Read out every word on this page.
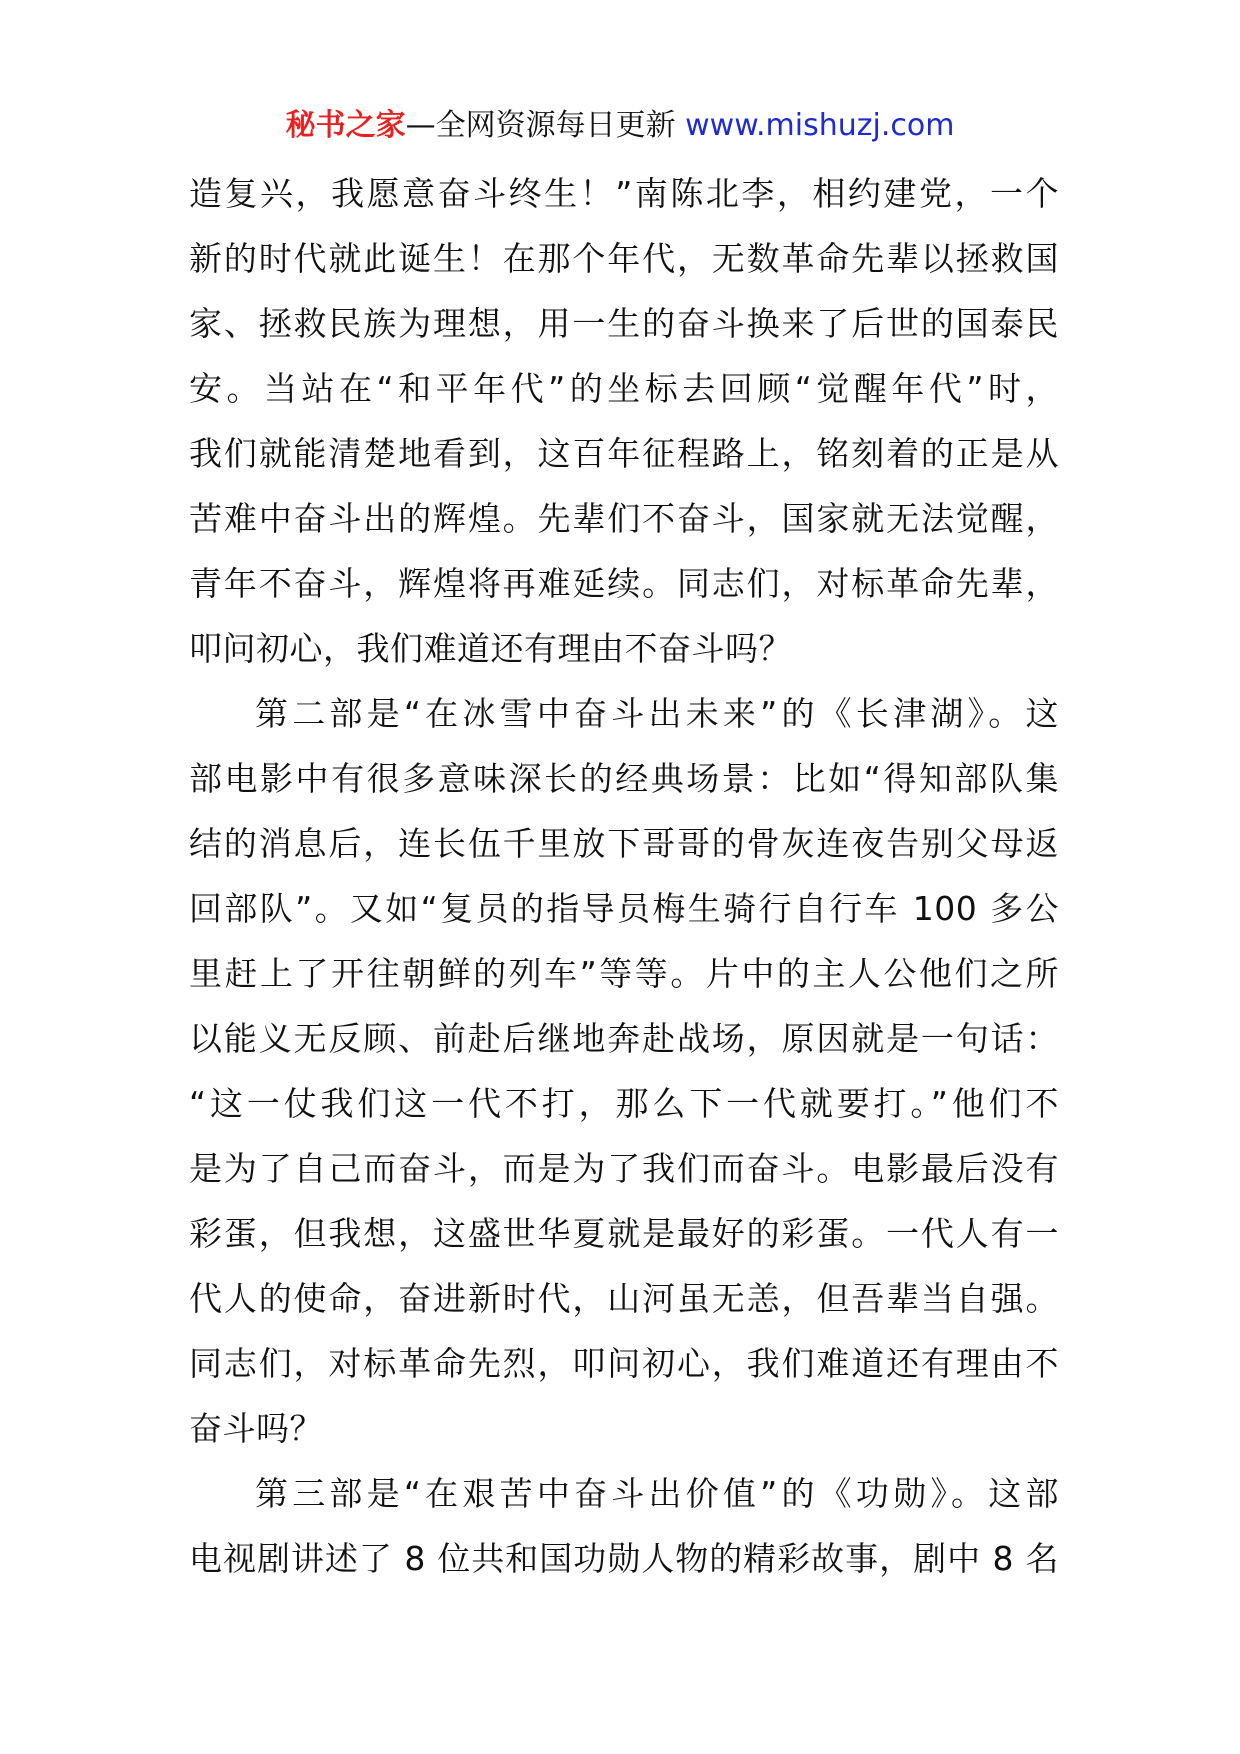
秘书之家—全网资源每日更新 www.mishuzj.com
造复兴，我愿意奋斗终生！”南陈北李，相约建党，一个
新的时代就此诞生！在那个年代，无数革命先辈以拯救国
家、拯救民族为理想，用一生的奋斗换来了后世的国泰民
安。当站在“和平年代”的坐标去回顾“觉醒年代”时，
我们就能清楚地看到，这百年征程路上，铭刻着的正是从
苦难中奋斗出的辉煌。先辈们不奋斗，国家就无法觉醒，
青年不奋斗，辉煌将再难延续。同志们，对标革命先辈，
叩问初心，我们难道还有理由不奋斗吗？
第二部是“在冰雪中奋斗出未来”的《长津湖》。这
部电影中有很多意味深长的经典场景：比如“得知部队集
结的消息后，连长伍千里放下哥哥的骨灰连夜告别父母返
回部队”。又如“复员的指导员梅生骑行自行车 100 多公
里赶上了开往朝鲜的列车”等等。片中的主人公他们之所
以能义无反顾、前赴后继地奔赴战场，原因就是一句话：
“这一仗我们这一代不打，那么下一代就要打。”他们不
是为了自己而奋斗，而是为了我们而奋斗。电影最后没有
彩蛋，但我想，这盛世华夏就是最好的彩蛋。一代人有一
代人的使命，奋进新时代，山河虽无恙，但吾辈当自强。
同志们，对标革命先烈，叩问初心，我们难道还有理由不
奋斗吗？
第三部是“在艰苦中奋斗出价值”的《功勋》。这部
电视剧讲述了 8 位共和国功勋人物的精彩故事，剧中 8 名
